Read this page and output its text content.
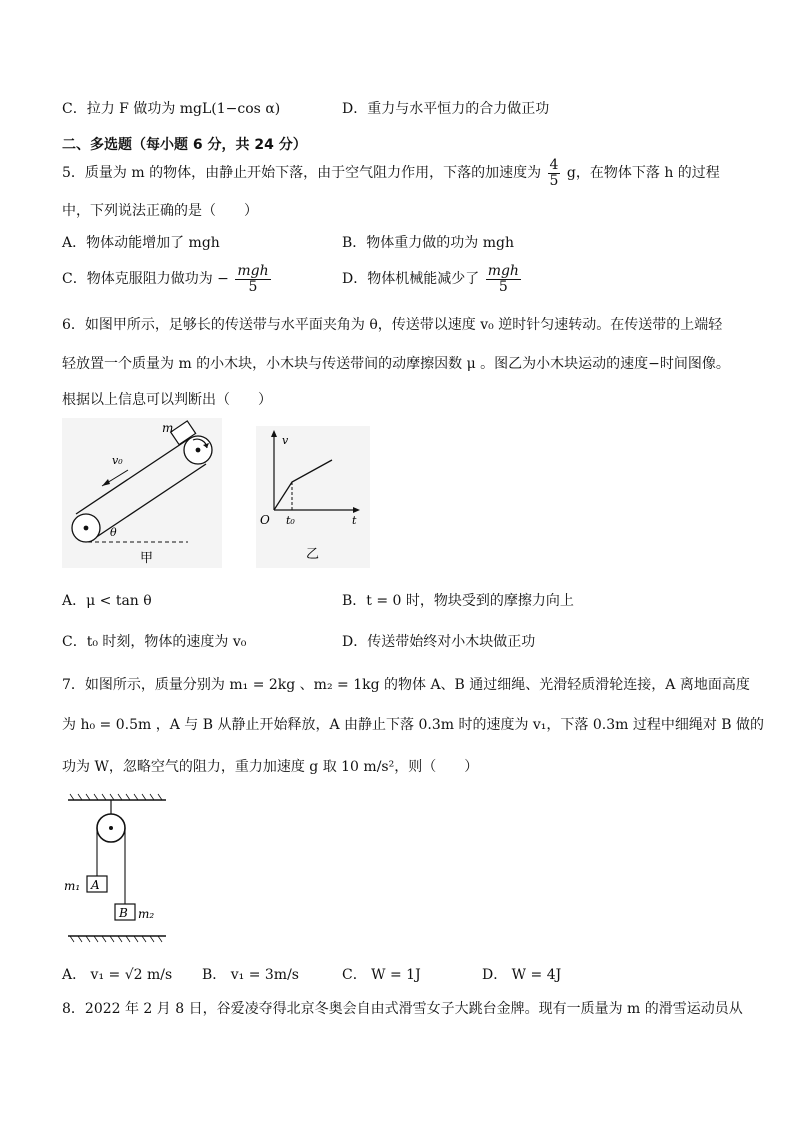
C．拉力 F 做功为 mgL(1−cos α)	D．重力与水平恒力的合力做正功
二、多选题（每小题 6 分，共 24 分）
5．质量为 m 的物体，由静止开始下落，由于空气阻力作用，下落的加速度为 $\frac{4}{5}$ g，在物体下落 h 的过程
中，下列说法正确的是（　　）
A．物体动能增加了 mgh	B．物体重力做的功为 mgh
C．物体克服阻力做功为 − $\frac{\text{mgh}}{5}$	D．物体机械能减少了 $\frac{\text{mgh}}{5}$
6．如图甲所示，足够长的传送带与水平面夹角为 θ，传送带以速度 v₀ 逆时针匀速转动。在传送带的上端轻
轻放置一个质量为 m 的小木块，小木块与传送带间的动摩擦因数 μ 。图乙为小木块运动的速度−时间图像。
根据以上信息可以判断出（　　）
m
v₀
θ
甲
v
O t₀	t
乙
A．μ < tan θ	B．t = 0 时，物块受到的摩擦力向上
C．t₀ 时刻，物体的速度为 v₀	D．传送带始终对小木块做正功
7．如图所示，质量分别为 m₁ = 2kg 、m₂ = 1kg 的物体 A、B 通过细绳、光滑轻质滑轮连接，A 离地面高度
为 h₀ = 0.5m ，A 与 B 从静止开始释放，A 由静止下落 0.3m 时的速度为 v₁，下落 0.3m 过程中细绳对 B 做的
功为 W，忽略空气的阻力，重力加速度 g 取 10 m/s²，则（　　）
A
m₁
B m₂
A． v₁ = √2 m/s B． v₁ = 3m/s	C． W = 1J	D． W = 4J
8．2022 年 2 月 8 日，谷爱凌夺得北京冬奥会自由式滑雪女子大跳台金牌。现有一质量为 m 的滑雪运动员从
